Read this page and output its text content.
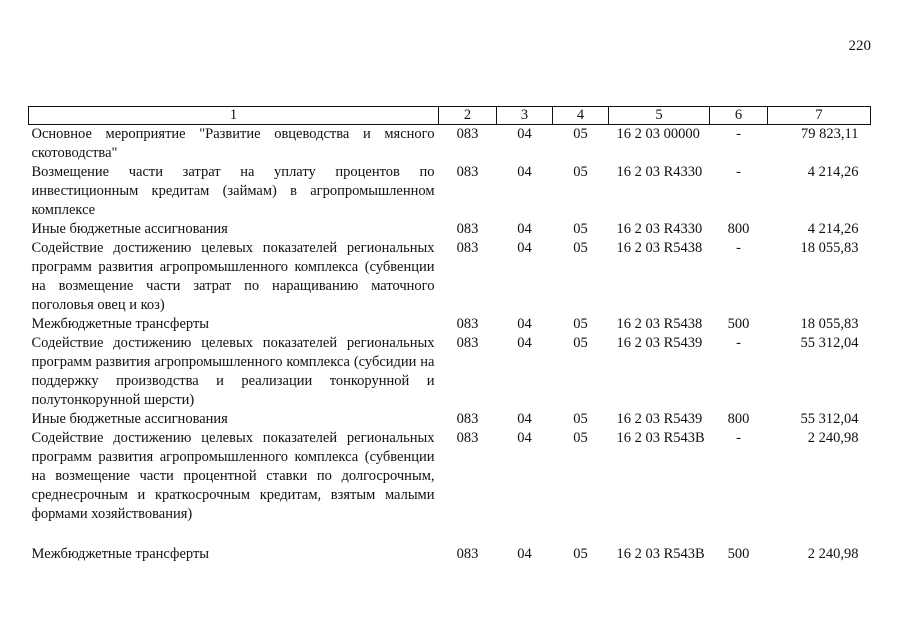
220
1	2	3	4	5	6	7
Основное мероприятие "Развитие овцеводства и мясного скотоводства"	083	04	05	16 2 03 00000	-	79 823,11
Возмещение части затрат на уплату процентов по инвестиционным кредитам (займам) в агропромышленном комплексе	083	04	05	16 2 03 R4330	-	4 214,26
Иные бюджетные ассигнования	083	04	05	16 2 03 R4330	800	4 214,26
Содействие достижению целевых показателей региональных программ развития агропромышленного комплекса (субвенции на возмещение части затрат по наращиванию маточного поголовья овец и коз)	083	04	05	16 2 03 R5438	-	18 055,83
Межбюджетные трансферты	083	04	05	16 2 03 R5438	500	18 055,83
Содействие достижению целевых показателей региональных программ развития агропромышленного комплекса (субсидии на поддержку производства и реализации тонкорунной и полутонкорунной шерсти)	083	04	05	16 2 03 R5439	-	55 312,04
Иные бюджетные ассигнования	083	04	05	16 2 03 R5439	800	55 312,04
Содействие достижению целевых показателей региональных программ развития агропромышленного комплекса (субвенции на возмещение части процентной ставки по долгосрочным, среднесрочным и краткосрочным кредитам, взятым малыми формами хозяйствования)	083	04	05	16 2 03 R543B	-	2 240,98

Межбюджетные трансферты	083	04	05	16 2 03 R543B	500	2 240,98
